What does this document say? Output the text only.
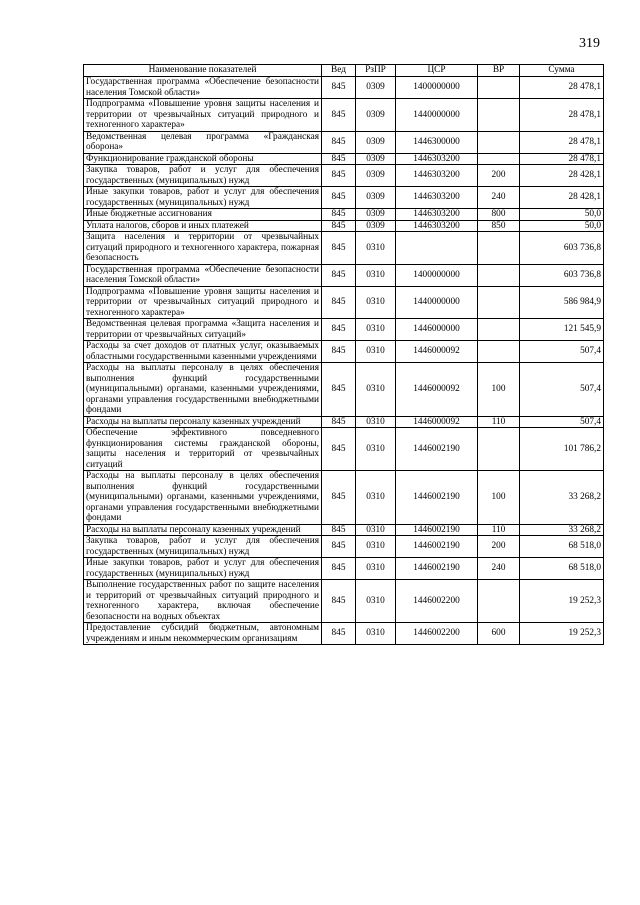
319
Наименование показателей	Вед	РзПР	ЦСР	ВР	Сумма
Государственная программа «Обеспечение безопасности населения Томской области»	845	0309	1400000000		28 478,1
Подпрограмма «Повышение уровня защиты населения и территории от чрезвычайных ситуаций природного и техногенного характера»	845	0309	1440000000		28 478,1
Ведомственная целевая программа «Гражданская оборона»	845	0309	1446300000		28 478,1
Функционирование гражданской обороны	845	0309	1446303200		28 478,1
Закупка товаров, работ и услуг для обеспечения государственных (муниципальных) нужд	845	0309	1446303200	200	28 428,1
Иные закупки товаров, работ и услуг для обеспечения государственных (муниципальных) нужд	845	0309	1446303200	240	28 428,1
Иные бюджетные ассигнования	845	0309	1446303200	800	50,0
Уплата налогов, сборов и иных платежей	845	0309	1446303200	850	50,0
Защита населения и территории от чрезвычайных ситуаций природного и техногенного характера, пожарная безопасность	845	0310			603 736,8
Государственная программа «Обеспечение безопасности населения Томской области»	845	0310	1400000000		603 736,8
Подпрограмма «Повышение уровня защиты населения и территории от чрезвычайных ситуаций природного и техногенного характера»	845	0310	1440000000		586 984,9
Ведомственная целевая программа «Защита населения и территории от чрезвычайных ситуаций»	845	0310	1446000000		121 545,9
Расходы за счет доходов от платных услуг, оказываемых областными государственными казенными учреждениями	845	0310	1446000092		507,4
Расходы на выплаты персоналу в целях обеспечения выполнения функций государственными (муниципальными) органами, казенными учреждениями, органами управления государственными внебюджетными фондами	845	0310	1446000092	100	507,4
Расходы на выплаты персоналу казенных учреждений	845	0310	1446000092	110	507,4
Обеспечение эффективного повседневного функционирования системы гражданской обороны, защиты населения и территорий от чрезвычайных ситуаций	845	0310	1446002190		101 786,2
Расходы на выплаты персоналу в целях обеспечения выполнения функций государственными (муниципальными) органами, казенными учреждениями, органами управления государственными внебюджетными фондами	845	0310	1446002190	100	33 268,2
Расходы на выплаты персоналу казенных учреждений	845	0310	1446002190	110	33 268,2
Закупка товаров, работ и услуг для обеспечения государственных (муниципальных) нужд	845	0310	1446002190	200	68 518,0
Иные закупки товаров, работ и услуг для обеспечения государственных (муниципальных) нужд	845	0310	1446002190	240	68 518,0
Выполнение государственных работ по защите населения и территорий от чрезвычайных ситуаций природного и техногенного характера, включая обеспечение безопасности на водных объектах	845	0310	1446002200		19 252,3
Предоставление субсидий бюджетным, автономным учреждениям и иным некоммерческим организациям	845	0310	1446002200	600	19 252,3
